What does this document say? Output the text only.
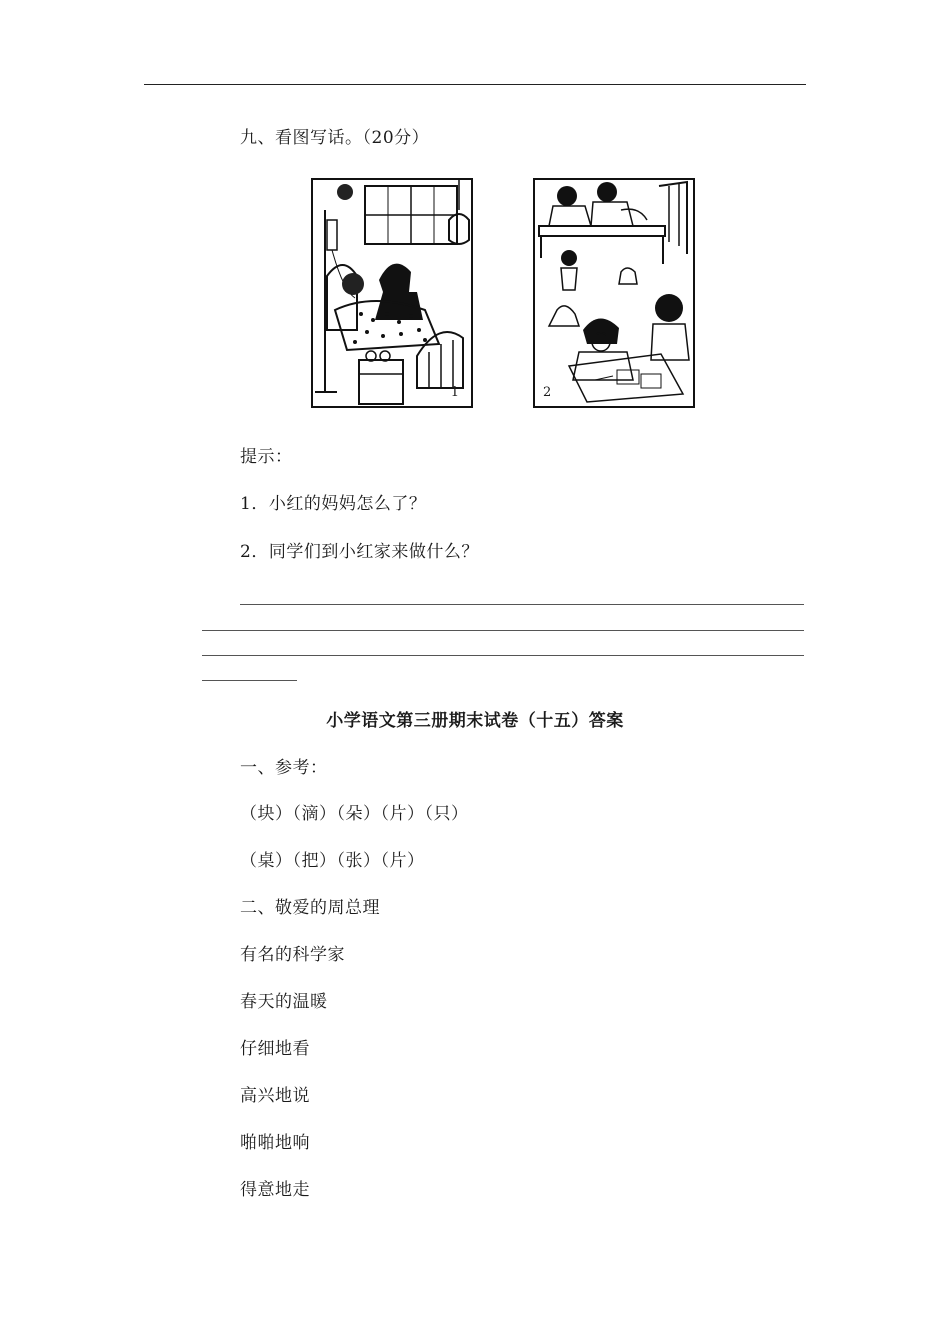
九、看图写话。（20分）
1	2
提示：
1．小红的妈妈怎么了？
2．同学们到小红家来做什么？
小学语文第三册期末试卷（十五）答案
一、参考：
（块）（滴）（朵）（片）（只）
（桌）（把）（张）（片）
二、敬爱的周总理
有名的科学家
春天的温暖
仔细地看
高兴地说
啪啪地响
得意地走
